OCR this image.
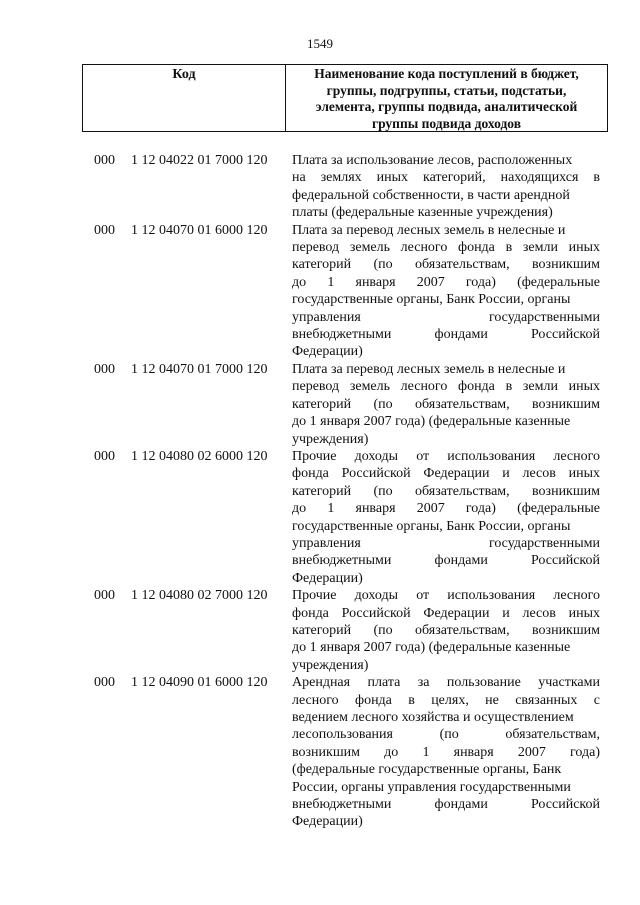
1549
Код	Наименование кода поступлений в бюджет,
группы, подгруппы, статьи, подстатьи,
элемента, группы подвида, аналитической
группы подвида доходов
000 1 12 04022 01 7000 120 Плата за использование лесов, расположенных
на землях иных категорий, находящихся в
федеральной собственности, в части арендной
платы (федеральные казенные учреждения)
000 1 12 04070 01 6000 120 Плата за перевод лесных земель в нелесные и
перевод земель лесного фонда в земли иных
категорий (по обязательствам, возникшим
до 1 января 2007 года) (федеральные
государственные органы, Банк России, органы
управления государственными
внебюджетными фондами Российской
Федерации)
000 1 12 04070 01 7000 120 Плата за перевод лесных земель в нелесные и
перевод земель лесного фонда в земли иных
категорий (по обязательствам, возникшим
до 1 января 2007 года) (федеральные казенные
учреждения)
000 1 12 04080 02 6000 120 Прочие доходы от использования лесного
фонда Российской Федерации и лесов иных
категорий (по обязательствам, возникшим
до 1 января 2007 года) (федеральные
государственные органы, Банк России, органы
управления государственными
внебюджетными фондами Российской
Федерации)
000 1 12 04080 02 7000 120 Прочие доходы от использования лесного
фонда Российской Федерации и лесов иных
категорий (по обязательствам, возникшим
до 1 января 2007 года) (федеральные казенные
учреждения)
000 1 12 04090 01 6000 120 Арендная плата за пользование участками
лесного фонда в целях, не связанных с
ведением лесного хозяйства и осуществлением
лесопользования (по обязательствам,
возникшим до 1 января 2007 года)
(федеральные государственные органы, Банк
России, органы управления государственными
внебюджетными фондами Российской
Федерации)
